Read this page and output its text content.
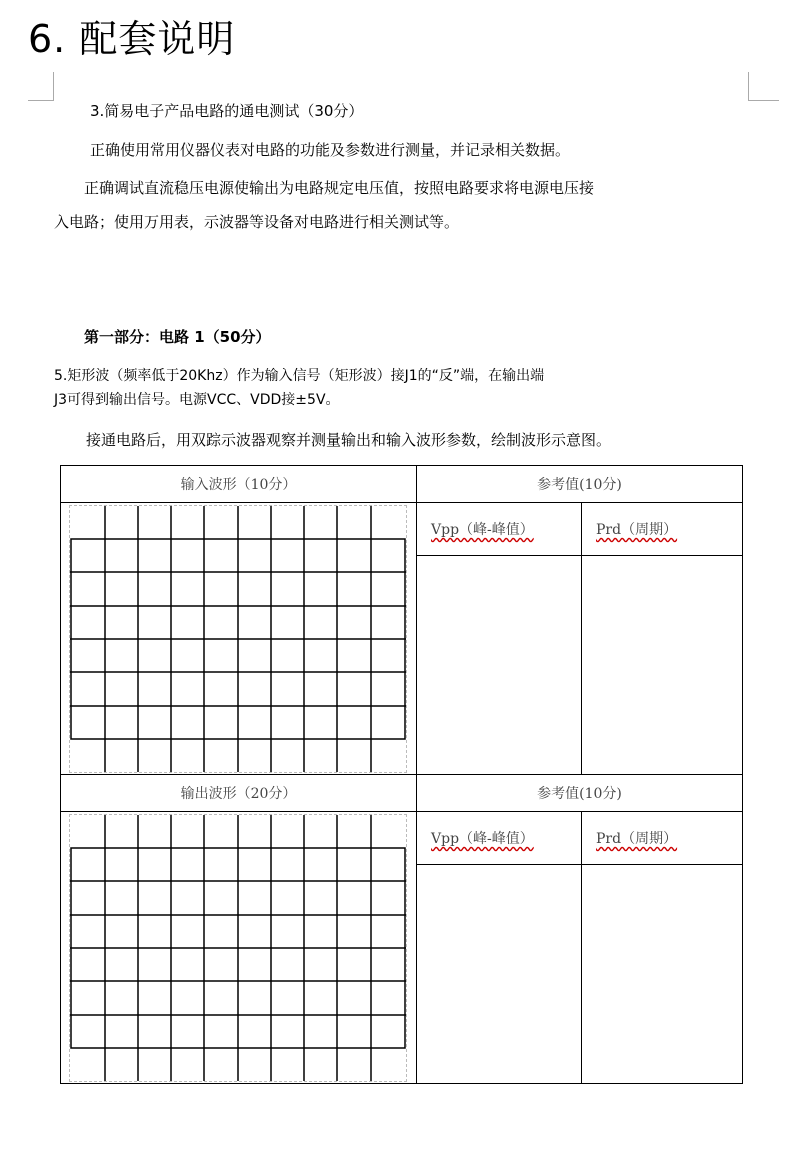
6. 配套说明
3.简易电子产品电路的通电测试（30分）
正确使用常用仪器仪表对电路的功能及参数进行测量，并记录相关数据。
正确调试直流稳压电源使输出为电路规定电压值，按照电路要求将电源电压接
入电路；使用万用表，示波器等设备对电路进行相关测试等。
第一部分：电路 1（50分）
5.矩形波（频率低于20Khz）作为输入信号（矩形波）接J1的“反”端，在输出端
J3可得到输出信号。电源VCC、VDD接±5V。
接通电路后，用双踪示波器观察并测量输出和输入波形参数，绘制波形示意图。
输入波形（10分）	参考值(10分)	

	Vpp（峰-峰值）	Prd（周期）

输出波形（20分）	参考值(10分)	

	Vpp（峰-峰值）	Prd（周期）
